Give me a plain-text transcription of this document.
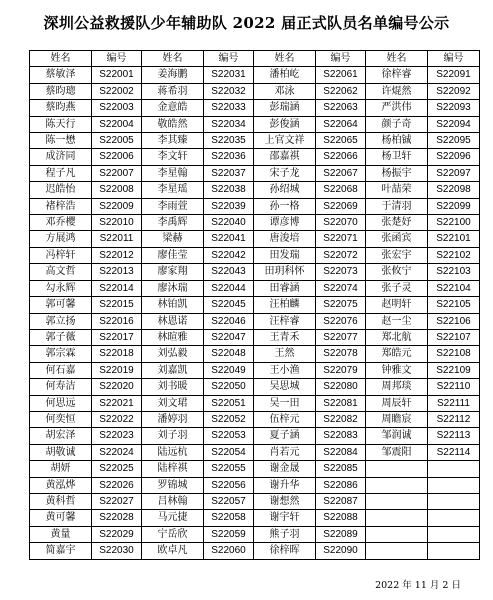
深圳公益救援队少年辅助队 2022 届正式队员名单编号公示
姓名	编号	姓名	编号	姓名	编号	姓名	编号
蔡敏泽	S22001	姜海鹏	S22031	潘柏屹	S22061	徐梓睿	S22091
蔡昀璁	S22002	蒋希羽	S22032	邓泳	S22062	许焜然	S22092
蔡昀燕	S22003	金意皓	S22033	彭瑞涵	S22063	严洪伟	S22093
陈天行	S22004	敬皓然	S22034	彭俊涵	S22064	颜子奇	S22094
陈一懋	S22005	李其臻	S22035	上官文祥	S22065	杨柏铖	S22095
成济同	S22006	李文轩	S22036	邵嘉祺	S22066	杨卫轩	S22096
程子凡	S22007	李星翰	S22037	宋子龙	S22067	杨振宇	S22097
迟皓怡	S22008	李星瑶	S22038	孙绍城	S22068	叶喆荣	S22098
褚梓浩	S22009	李雨萱	S22039	孙一格	S22069	于清羽	S22099
邓乔樱	S22010	李禹辉	S22040	谭彦博	S22070	张楚妤	S22100
方展鸿	S22011	梁赫	S22041	唐浚培	S22071	张函宾	S22101
冯梓轩	S22012	廖佳莹	S22042	田发瑞	S22072	张宏宇	S22102
高文哲	S22013	廖家翔	S22043	田玥科怀	S22073	张攸宁	S22103
勾永辉	S22014	廖沐瑞	S22044	田睿涵	S22074	张子灵	S22104
郭可馨	S22015	林铂凯	S22045	汪柏麟	S22075	赵明轩	S22105
郭立扬	S22016	林恩诺	S22046	汪梓睿	S22076	赵一尘	S22106
郭子薇	S22017	林暄雅	S22047	王青禾	S22077	郑北航	S22107
郭宗霖	S22018	刘弘毅	S22048	王然	S22078	郑皓元	S22108
何石嘉	S22019	刘嘉凯	S22049	王小渔	S22079	钟雅文	S22109
何寿洁	S22020	刘书暖	S22050	吴思城	S22080	周邦琰	S22110
何思远	S22021	刘文珺	S22051	吴一田	S22081	周辰轩	S22111
何奕恒	S22022	潘婷羽	S22052	伍梓元	S22082	周瞻宸	S22112
胡宏泽	S22023	刘子羽	S22053	夏子涵	S22083	邹润诚	S22113
胡敬诚	S22024	陆远杭	S22054	肖若元	S22084	邹震阳	S22114
胡妍	S22025	陆梓祺	S22055	谢金晟	S22085		
黄泓烨	S22026	罗锦城	S22056	谢升华	S22086		
黄科哲	S22027	吕林翰	S22057	谢想然	S22087		
黄可馨	S22028	马元捷	S22058	谢宇轩	S22088		
黄量	S22029	宁岳欣	S22059	熊子羽	S22089		
简嘉宇	S22030	欧卓凡	S22060	徐梓晖	S22090		
2022 年 11 月 2 日
